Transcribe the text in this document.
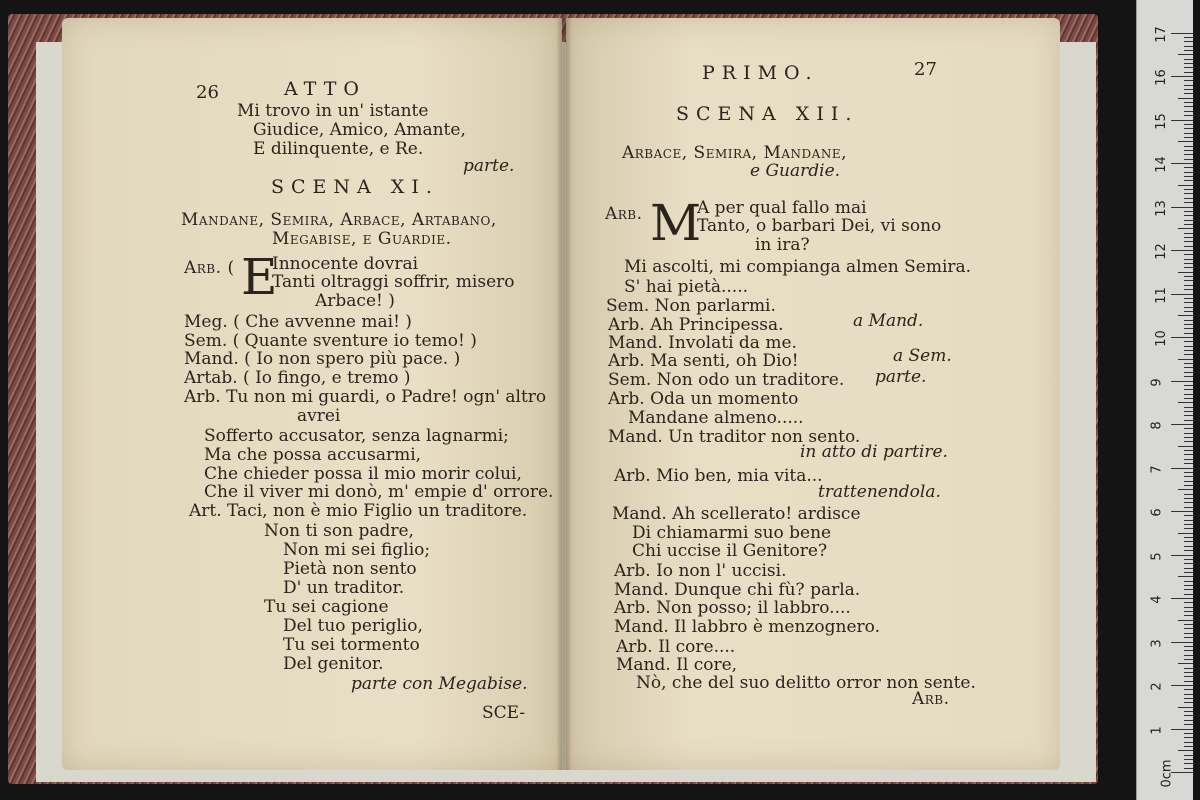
26	ATTO
Mi trovo in un' istante
Giudice, Amico, Amante,
E dilinquente, e Re.
parte.
SCENA XI.
Mandane, Semira, Arbace, Artabano,
Megabise, e Guardie.
Arb. ( E
Innocente dovrai
Tanti oltraggi soffrir, misero
Arbace! )
Meg. ( Che avvenne mai! )
Sem. ( Quante sventure io temo! )
Mand. ( Io non spero più pace. )
Artab. ( Io fingo, e tremo )
Arb. Tu non mi guardi, o Padre! ogn' altro
avrei
Sofferto accusator, senza lagnarmi;
Ma che possa accusarmi,
Che chieder possa il mio morir colui,
Che il viver mi donò, m' empie d' orrore.
Art. Taci, non è mio Figlio un traditore.
Non ti son padre,
Non mi sei figlio;
Pietà non sento
D' un traditor.
Tu sei cagione
Del tuo periglio,
Tu sei tormento
Del genitor.
parte con Megabise.
SCE-
PRIMO.	27
SCENA XII.
Arbace, Semira, Mandane,
e Guardie.
Arb. M
A per qual fallo mai
Tanto, o barbari Dei, vi sono
in ira?
Mi ascolti, mi compianga almen Semira.
S' hai pietà.....
Sem. Non parlarmi.
Arb. Ah Principessa.	a Mand.
Mand. Involati da me.
Arb. Ma senti, oh Dio!	a Sem.
Sem. Non odo un traditore. parte.
Arb. Oda un momento
Mandane almeno.....
Mand. Un traditor non sento.
in atto di partire.
Arb. Mio ben, mia vita...
trattenendola.
Mand. Ah scellerato! ardisce
Di chiamarmi suo bene
Chi uccise il Genitore?
Arb. Io non l' uccisi.
Mand. Dunque chi fù? parla.
Arb. Non posso; il labbro....
Mand. Il labbro è menzognero.
Arb. Il core....
Mand. Il core,
Nò, che del suo delitto orror non sente.
Arb.
0cm
1
2
3
4
5
6
7
8
9
10
11
12
13
14
15
16
17
